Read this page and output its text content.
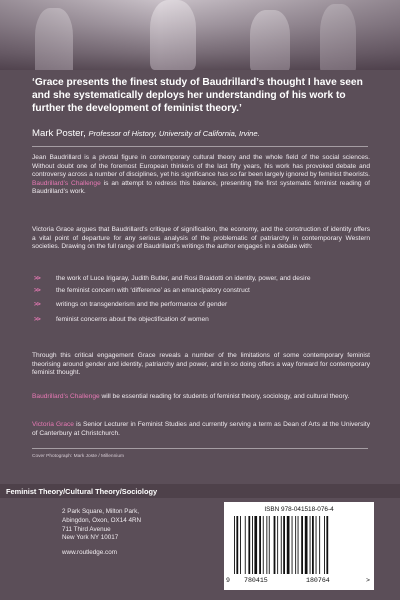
‘Grace presents the finest study of Baudrillard’s thought I have seen and she systematically deploys her understanding of his work to further the development of feminist theory.’
Mark Poster, Professor of History, University of California, Irvine.
Jean Baudrillard is a pivotal figure in contemporary cultural theory and the whole field of the social sciences. Without doubt one of the foremost European thinkers of the last fifty years, his work has provoked debate and controversy across a number of disciplines, yet his significance has so far been largely ignored by feminist theorists. Baudrillard’s Challenge is an attempt to redress this balance, presenting the first systematic feminist reading of Baudrillard’s work.
Victoria Grace argues that Baudrillard’s critique of signification, the economy, and the construction of identity offers a vital point of departure for any serious analysis of the problematic of patriarchy in contemporary Western societies. Drawing on the full range of Baudrillard’s writings the author engages in a debate with:
>> the work of Luce Irigaray, Judith Butler, and Rosi Braidotti on identity, power, and desire
>> the feminist concern with ‘difference’ as an emancipatory construct
>> writings on transgenderism and the performance of gender
>> feminist concerns about the objectification of women
Through this critical engagement Grace reveals a number of the limitations of some contemporary feminist theorising around gender and identity, patriarchy and power, and in so doing offers a way forward for contemporary feminist thought.
Baudrillard’s Challenge will be essential reading for students of feminist theory, sociology, and cultural theory.
Victoria Grace is Senior Lecturer in Feminist Studies and currently serving a term as Dean of Arts at the University of Canterbury at Christchurch.
Cover Photograph: Mark Joste / Millennium
Feminist Theory/Cultural Theory/Sociology
2 Park Square, Milton Park,
Abingdon, Oxon, OX14 4RN
711 Third Avenue
New York NY 10017
www.routledge.com
ISBN 978-041518-076-4
9 780415	180764	>
